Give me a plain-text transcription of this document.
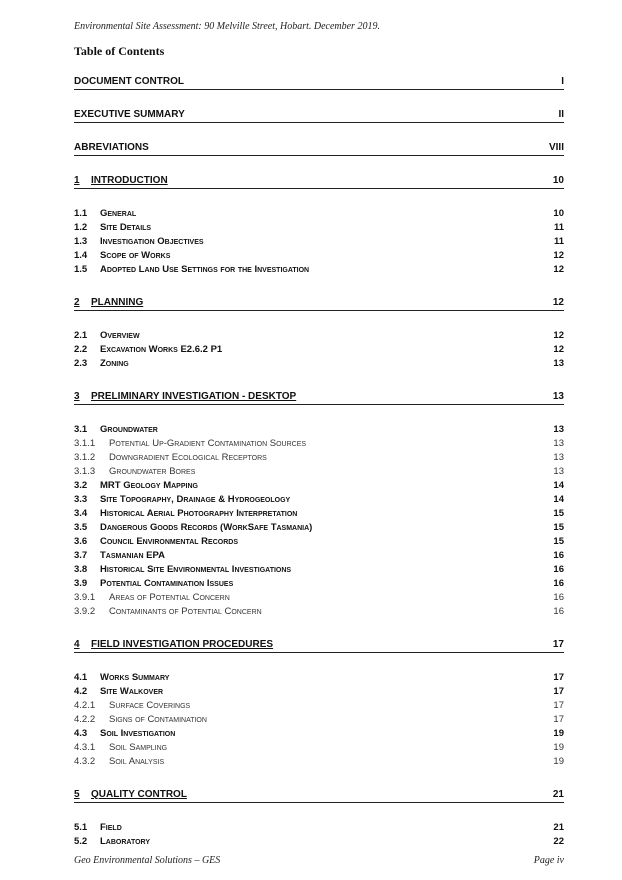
Environmental Site Assessment: 90 Melville Street, Hobart. December 2019.
Table of Contents
DOCUMENT CONTROL	I
EXECUTIVE SUMMARY	II
ABREVIATIONS	VIII
1	INTRODUCTION	10
1.1	General	10
1.2	Site Details	11
1.3	Investigation Objectives	11
1.4	Scope of Works	12
1.5	Adopted Land Use Settings for the Investigation	12
2	PLANNING	12
2.1	Overview	12
2.2	Excavation Works E2.6.2 P1	12
2.3	Zoning	13
3	PRELIMINARY INVESTIGATION - DESKTOP	13
3.1	Groundwater	13
3.1.1	Potential Up-Gradient Contamination Sources	13
3.1.2	Downgradient Ecological Receptors	13
3.1.3	Groundwater Bores	13
3.2	MRT Geology Mapping	14
3.3	Site Topography, Drainage & Hydrogeology	14
3.4	Historical Aerial Photography Interpretation	15
3.5	Dangerous Goods Records (WorkSafe Tasmania)	15
3.6	Council Environmental Records	15
3.7	Tasmanian EPA	16
3.8	Historical Site Environmental Investigations	16
3.9	Potential Contamination Issues	16
3.9.1	Areas of Potential Concern	16
3.9.2	Contaminants of Potential Concern	16
4	FIELD INVESTIGATION PROCEDURES	17
4.1	Works Summary	17
4.2	Site Walkover	17
4.2.1	Surface Coverings	17
4.2.2	Signs of Contamination	17
4.3	Soil Investigation	19
4.3.1	Soil Sampling	19
4.3.2	Soil Analysis	19
5	QUALITY CONTROL	21
5.1	Field	21
5.2	Laboratory	22
Geo Environmental Solutions – GES	Page iv
